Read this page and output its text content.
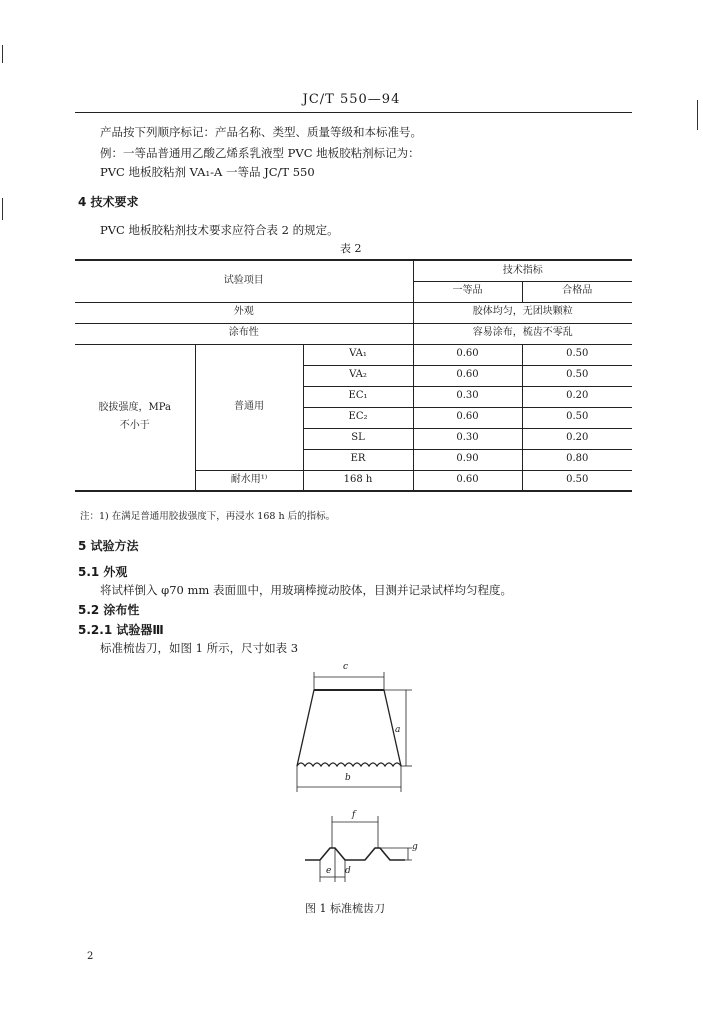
JC/T 550—94
产品按下列顺序标记：产品名称、类型、质量等级和本标准号。
例：一等品普通用乙酸乙烯系乳液型 PVC 地板胶粘剂标记为：
PVC 地板胶粘剂 VA₁-A 一等品 JC/T 550
4 技术要求
PVC 地板胶粘剂技术要求应符合表 2 的规定。
表 2
试验项目			技术指标	
			一等品	合格品
外观			胶体均匀，无团块颗粒	
涂布性			容易涂布，梳齿不零乱	

胶拔强度，MPa
不小于	普通用	VA₁	0.60	0.50
		VA₂	0.60	0.50
		EC₁	0.30	0.20
		EC₂	0.60	0.50
		SL	0.30	0.20
		ER	0.90	0.80
	耐水用¹⁾	168 h	0.60	0.50
注：1) 在满足普通用胶拔强度下，再浸水 168 h 后的指标。
5 试验方法
5.1 外观
将试样倒入 φ70 mm 表面皿中，用玻璃棒搅动胶体，目测并记录试样均匀程度。
5.2 涂布性
5.2.1 试验器Ⅲ
标准梳齿刀，如图 1 所示，尺寸如表 3
c
a
b
f
g
e d
图 1 标准梳齿刀
2
